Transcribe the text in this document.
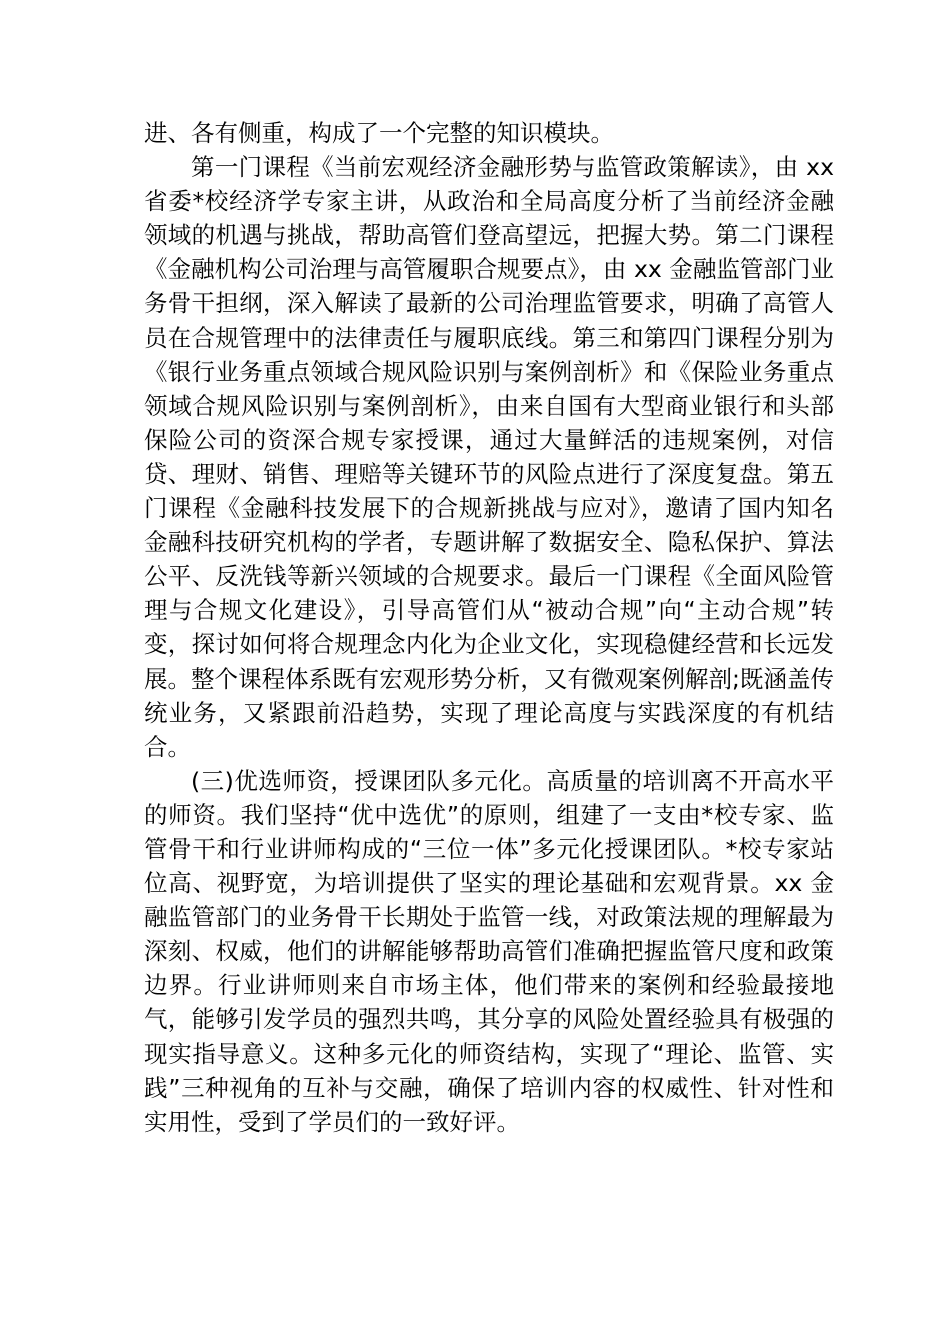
进、各有侧重，构成了一个完整的知识模块。

第一门课程《当前宏观经济金融形势与监管政策解读》，由 xx 省委*校经济学专家主讲，从政治和全局高度分析了当前经济金融领域的机遇与挑战，帮助高管们登高望远，把握大势。第二门课程《金融机构公司治理与高管履职合规要点》，由 xx 金融监管部门业务骨干担纲，深入解读了最新的公司治理监管要求，明确了高管人员在合规管理中的法律责任与履职底线。第三和第四门课程分别为《银行业务重点领域合规风险识别与案例剖析》和《保险业务重点领域合规风险识别与案例剖析》，由来自国有大型商业银行和头部保险公司的资深合规专家授课，通过大量鲜活的违规案例，对信贷、理财、销售、理赔等关键环节的风险点进行了深度复盘。第五门课程《金融科技发展下的合规新挑战与应对》，邀请了国内知名金融科技研究机构的学者，专题讲解了数据安全、隐私保护、算法公平、反洗钱等新兴领域的合规要求。最后一门课程《全面风险管理与合规文化建设》，引导高管们从“被动合规”向“主动合规”转变，探讨如何将合规理念内化为企业文化，实现稳健经营和长远发展。整个课程体系既有宏观形势分析，又有微观案例解剖;既涵盖传统业务，又紧跟前沿趋势，实现了理论高度与实践深度的有机结合。

(三)优选师资，授课团队多元化。高质量的培训离不开高水平的师资。我们坚持“优中选优”的原则，组建了一支由*校专家、监管骨干和行业讲师构成的“三位一体”多元化授课团队。*校专家站位高、视野宽，为培训提供了坚实的理论基础和宏观背景。xx 金融监管部门的业务骨干长期处于监管一线，对政策法规的理解最为深刻、权威，他们的讲解能够帮助高管们准确把握监管尺度和政策边界。行业讲师则来自市场主体，他们带来的案例和经验最接地气，能够引发学员的强烈共鸣，其分享的风险处置经验具有极强的现实指导意义。这种多元化的师资结构，实现了“理论、监管、实践”三种视角的互补与交融，确保了培训内容的权威性、针对性和实用性，受到了学员们的一致好评。
